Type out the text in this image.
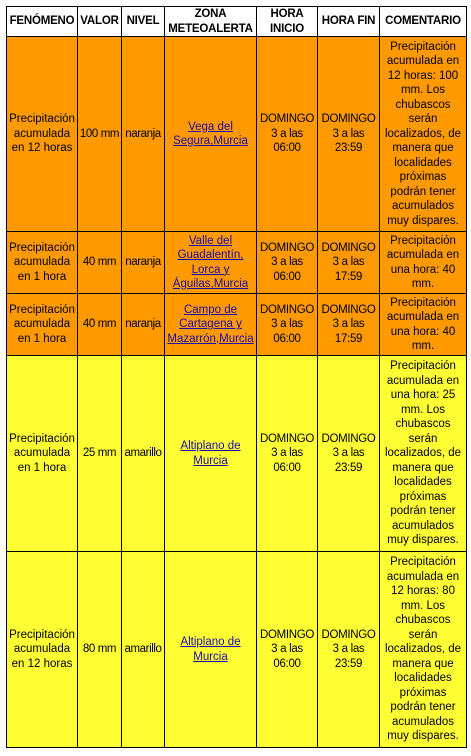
FENÓMENO	VALOR	NIVEL	ZONA METEOALERTA	HORA INICIO	HORA FIN	COMENTARIO
Precipitación acumulada en 12 horas	100 mm	naranja	Vega del Segura,Murcia	DOMINGO 3 a las 06:00	DOMINGO 3 a las 23:59	Precipitación acumulada en 12 horas: 100 mm. Los chubascos serán localizados, de manera que localidades próximas podrán tener acumulados muy dispares.
Precipitación acumulada en 1 hora	40 mm	naranja	Valle del Guadalentín, Lorca y Águilas,Murcia	DOMINGO 3 a las 06:00	DOMINGO 3 a las 17:59	Precipitación acumulada en una hora: 40 mm.
Precipitación acumulada en 1 hora	40 mm	naranja	Campo de Cartagena y Mazarrón,Murcia	DOMINGO 3 a las 06:00	DOMINGO 3 a las 17:59	Precipitación acumulada en una hora: 40 mm.
Precipitación acumulada en 1 hora	25 mm	amarillo	Altiplano de Murcia	DOMINGO 3 a las 06:00	DOMINGO 3 a las 23:59	Precipitación acumulada en una hora: 25 mm. Los chubascos serán localizados, de manera que localidades próximas podrán tener acumulados muy dispares.
Precipitación acumulada en 12 horas	80 mm	amarillo	Altiplano de Murcia	DOMINGO 3 a las 06:00	DOMINGO 3 a las 23:59	Precipitación acumulada en 12 horas: 80 mm. Los chubascos serán localizados, de manera que localidades próximas podrán tener acumulados muy dispares.
